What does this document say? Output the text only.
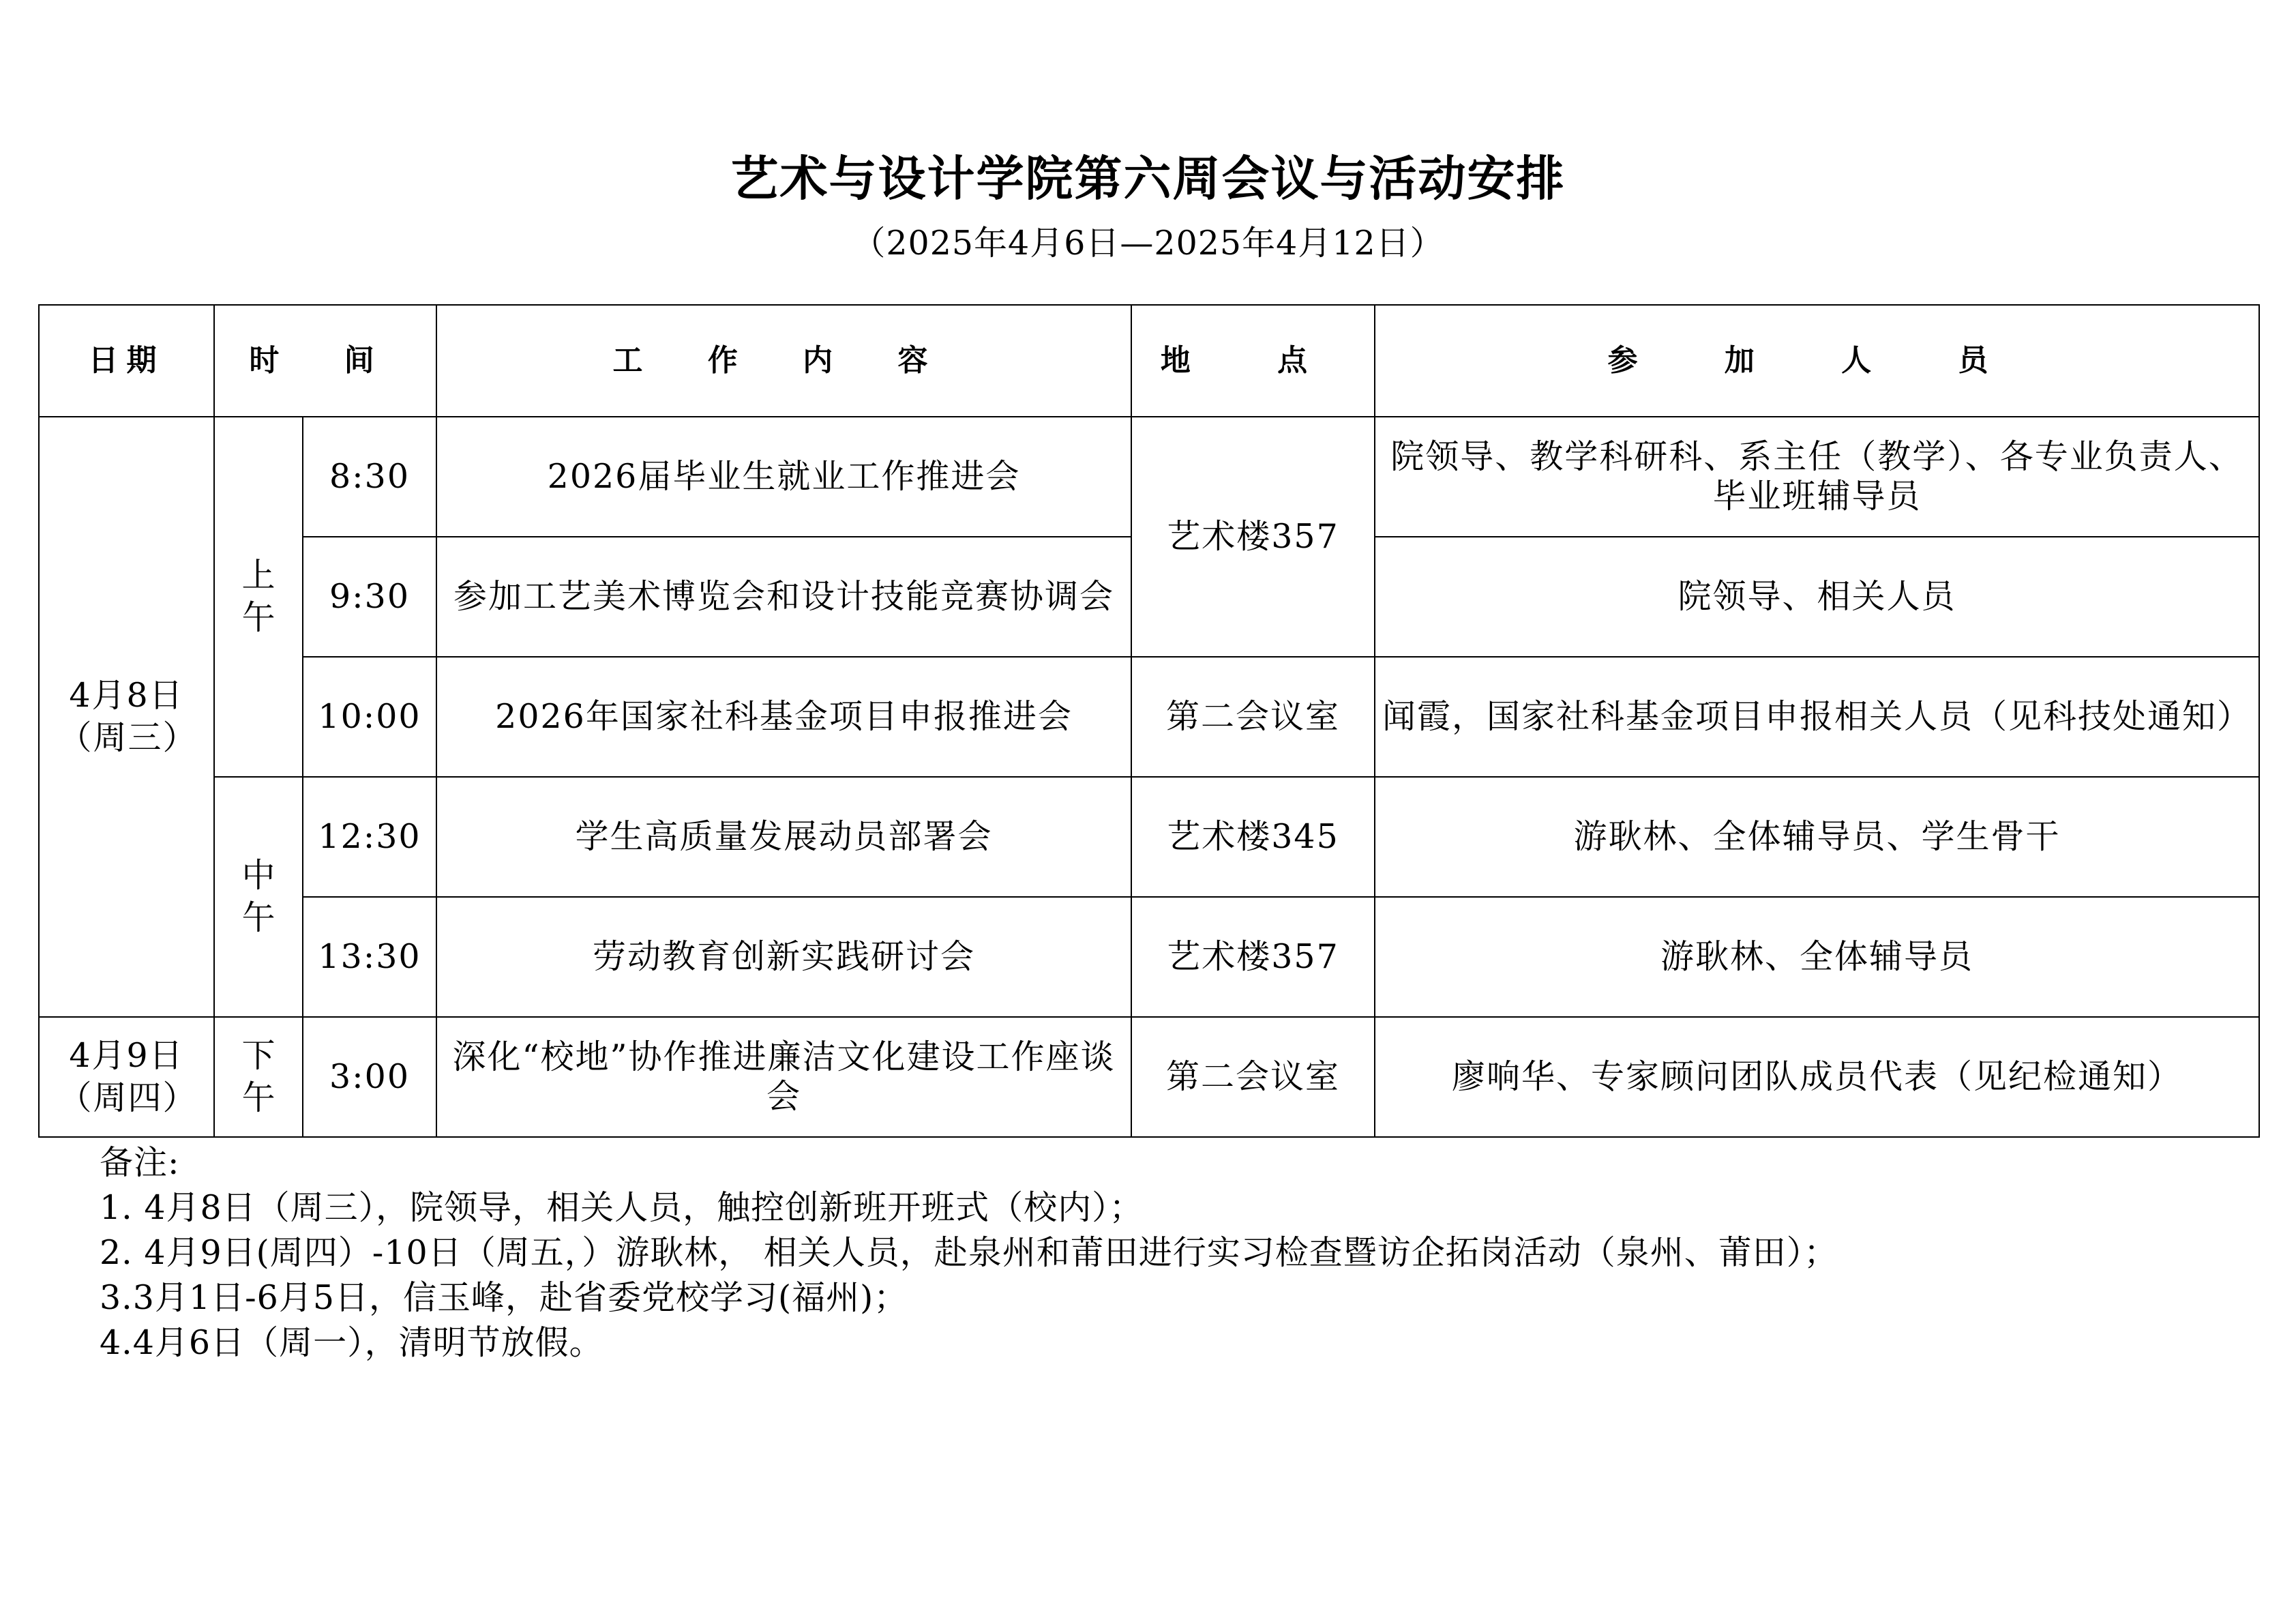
艺术与设计学院第六周会议与活动安排
（2025年4月6日—2025年4月12日）
日期	时 间		工 作 内 容	地 点	参 加 人 员
4月8日（周三）	上午	8:30	2026届毕业生就业工作推进会	艺术楼357	院领导、教学科研科、系主任（教学）、各专业负责人、毕业班辅导员
		9:30	参加工艺美术博览会和设计技能竞赛协调会		院领导、相关人员
		10:00	2026年国家社科基金项目申报推进会	第二会议室	闻霞，国家社科基金项目申报相关人员（见科技处通知）
	中午	12:30	学生高质量发展动员部署会	艺术楼345	游耿林、全体辅导员、学生骨干
		13:30	劳动教育创新实践研讨会	艺术楼357	游耿林、全体辅导员
4月9日（周四）	下午	3:00	深化“校地”协作推进廉洁文化建设工作座谈会	第二会议室	廖响华、专家顾问团队成员代表（见纪检通知）
备注:
1. 4月8日（周三），院领导，相关人员，触控创新班开班式（校内）；
2. 4月9日(周四）-10日（周五，）游耿林， 相关人员，赴泉州和莆田进行实习检查暨访企拓岗活动（泉州、莆田）；
3.3月1日-6月5日，信玉峰，赴省委党校学习(福州)；
4.4月6日（周一），清明节放假。
